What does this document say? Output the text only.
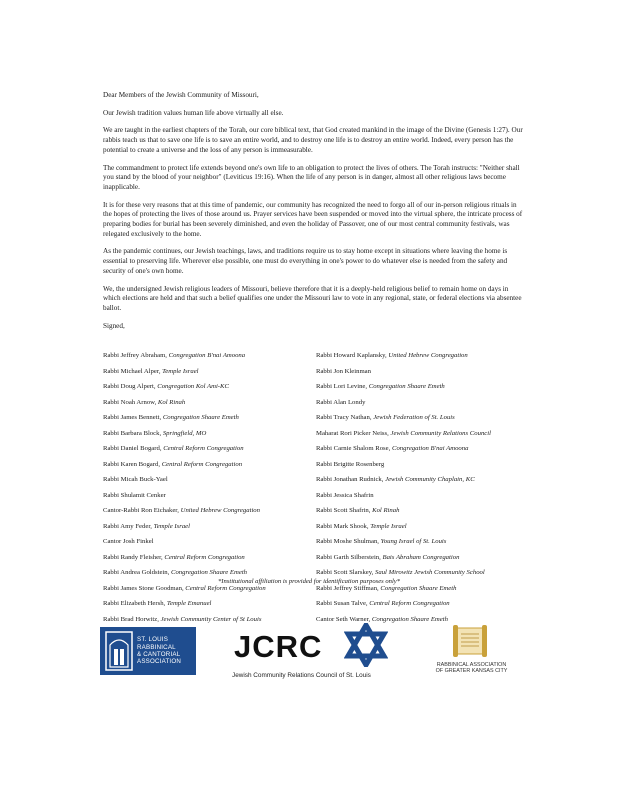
Dear Members of the Jewish Community of Missouri,

Our Jewish tradition values human life above virtually all else.

We are taught in the earliest chapters of the Torah, our core biblical text, that God created mankind in the image of the Divine (Genesis 1:27). Our rabbis teach us that to save one life is to save an entire world, and to destroy one life is to destroy an entire world. Indeed, every person has the potential to create a universe and the loss of any person is immeasurable.

The commandment to protect life extends beyond one's own life to an obligation to protect the lives of others. The Torah instructs: "Neither shall you stand by the blood of your neighbor" (Leviticus 19:16). When the life of any person is in danger, almost all other religious laws become inapplicable.

It is for these very reasons that at this time of pandemic, our community has recognized the need to forgo all of our in-person religious rituals in the hopes of protecting the lives of those around us. Prayer services have been suspended or moved into the virtual sphere, the intricate process of preparing bodies for burial has been severely diminished, and even the holiday of Passover, one of our most central community festivals, was relegated exclusively to the home.

As the pandemic continues, our Jewish teachings, laws, and traditions require us to stay home except in situations where leaving the home is essential to preserving life. Wherever else possible, one must do everything in one's power to do whatever else is needed from the safety and security of one's own home.

We, the undersigned Jewish religious leaders of Missouri, believe therefore that it is a deeply-held religious belief to remain home on days in which elections are held and that such a belief qualifies one under the Missouri law to vote in any regional, state, or federal elections via absentee ballot.

Signed,

Rabbi Jeffrey Abraham, Congregation B'nai Amoona
Rabbi Michael Alper, Temple Israel
Rabbi Doug Alpert, Congregation Kol Ami-KC
Rabbi Noah Arnow, Kol Rinah
Rabbi James Bennett, Congregation Shaare Emeth
Rabbi Barbara Block, Springfield, MO
Rabbi Daniel Bogard, Central Reform Congregation
Rabbi Karen Bogard, Central Reform Congregation
Rabbi Micah Buck-Yael
Rabbi Shulamit Cenker
Cantor-Rabbi Ron Eichaker, United Hebrew Congregation
Rabbi Amy Feder, Temple Israel
Cantor Josh Finkel
Rabbi Randy Fleisher, Central Reform Congregation
Rabbi Andrea Goldstein, Congregation Shaare Emeth
Rabbi James Stone Goodman, Central Reform Congregation
Rabbi Elizabeth Hersh, Temple Emanuel
Rabbi Brad Horwitz, Jewish Community Center of St Louis
Rabbi Howard Kaplansky, United Hebrew Congregation
Rabbi Jon Kleinman
Rabbi Lori Levine, Congregation Shaare Emeth
Rabbi Alan Londy
Rabbi Tracy Nathan, Jewish Federation of St. Louis
Maharat Rori Picker Neiss, Jewish Community Relations Council
Rabbi Carnie Shalom Rose, Congregation B'nai Amoona
Rabbi Brigitte Rosenberg
Rabbi Jonathan Rudnick, Jewish Community Chaplain, KC
Rabbi Jessica Shafrin
Rabbi Scott Shafrin, Kol Rinah
Rabbi Mark Shook, Temple Israel
Rabbi Moshe Shulman, Young Israel of St. Louis
Rabbi Garth Silberstein, Bais Abraham Congregation
Rabbi Scott Slarskey, Saul Mirowitz Jewish Community School
Rabbi Jeffrey Stiffman, Congregation Shaare Emeth
Rabbi Susan Talve, Central Reform Congregation
Cantor Seth Warner, Congregation Shaare Emeth
*Institutional affiliation is provided for identification purposes only*
ST. LOUIS
RABBINICAL
& CANTORIAL
ASSOCIATION JCRC
Jewish Community Relations Council of St. Louis
RABBINICAL ASSOCIATION
OF GREATER KANSAS CITY
